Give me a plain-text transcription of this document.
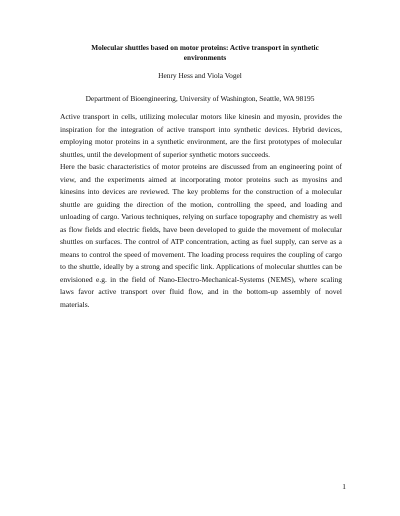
Molecular shuttles based on motor proteins: Active transport in synthetic environments
Henry Hess and Viola Vogel
Department of Bioengineering, University of Washington, Seattle, WA 98195

Active transport in cells, utilizing molecular motors like kinesin and myosin, provides the inspiration for the integration of active transport into synthetic devices. Hybrid devices, employing motor proteins in a synthetic environment, are the first prototypes of molecular shuttles, until the development of superior synthetic motors succeeds.

Here the basic characteristics of motor proteins are discussed from an engineering point of view, and the experiments aimed at incorporating motor proteins such as myosins and kinesins into devices are reviewed. The key problems for the construction of a molecular shuttle are guiding the direction of the motion, controlling the speed, and loading and unloading of cargo. Various techniques, relying on surface topography and chemistry as well as flow fields and electric fields, have been developed to guide the movement of molecular shuttles on surfaces. The control of ATP concentration, acting as fuel supply, can serve as a means to control the speed of movement. The loading process requires the coupling of cargo to the shuttle, ideally by a strong and specific link. Applications of molecular shuttles can be envisioned e.g. in the field of Nano-Electro-Mechanical-Systems (NEMS), where scaling laws favor active transport over fluid flow, and in the bottom-up assembly of novel materials.

1
